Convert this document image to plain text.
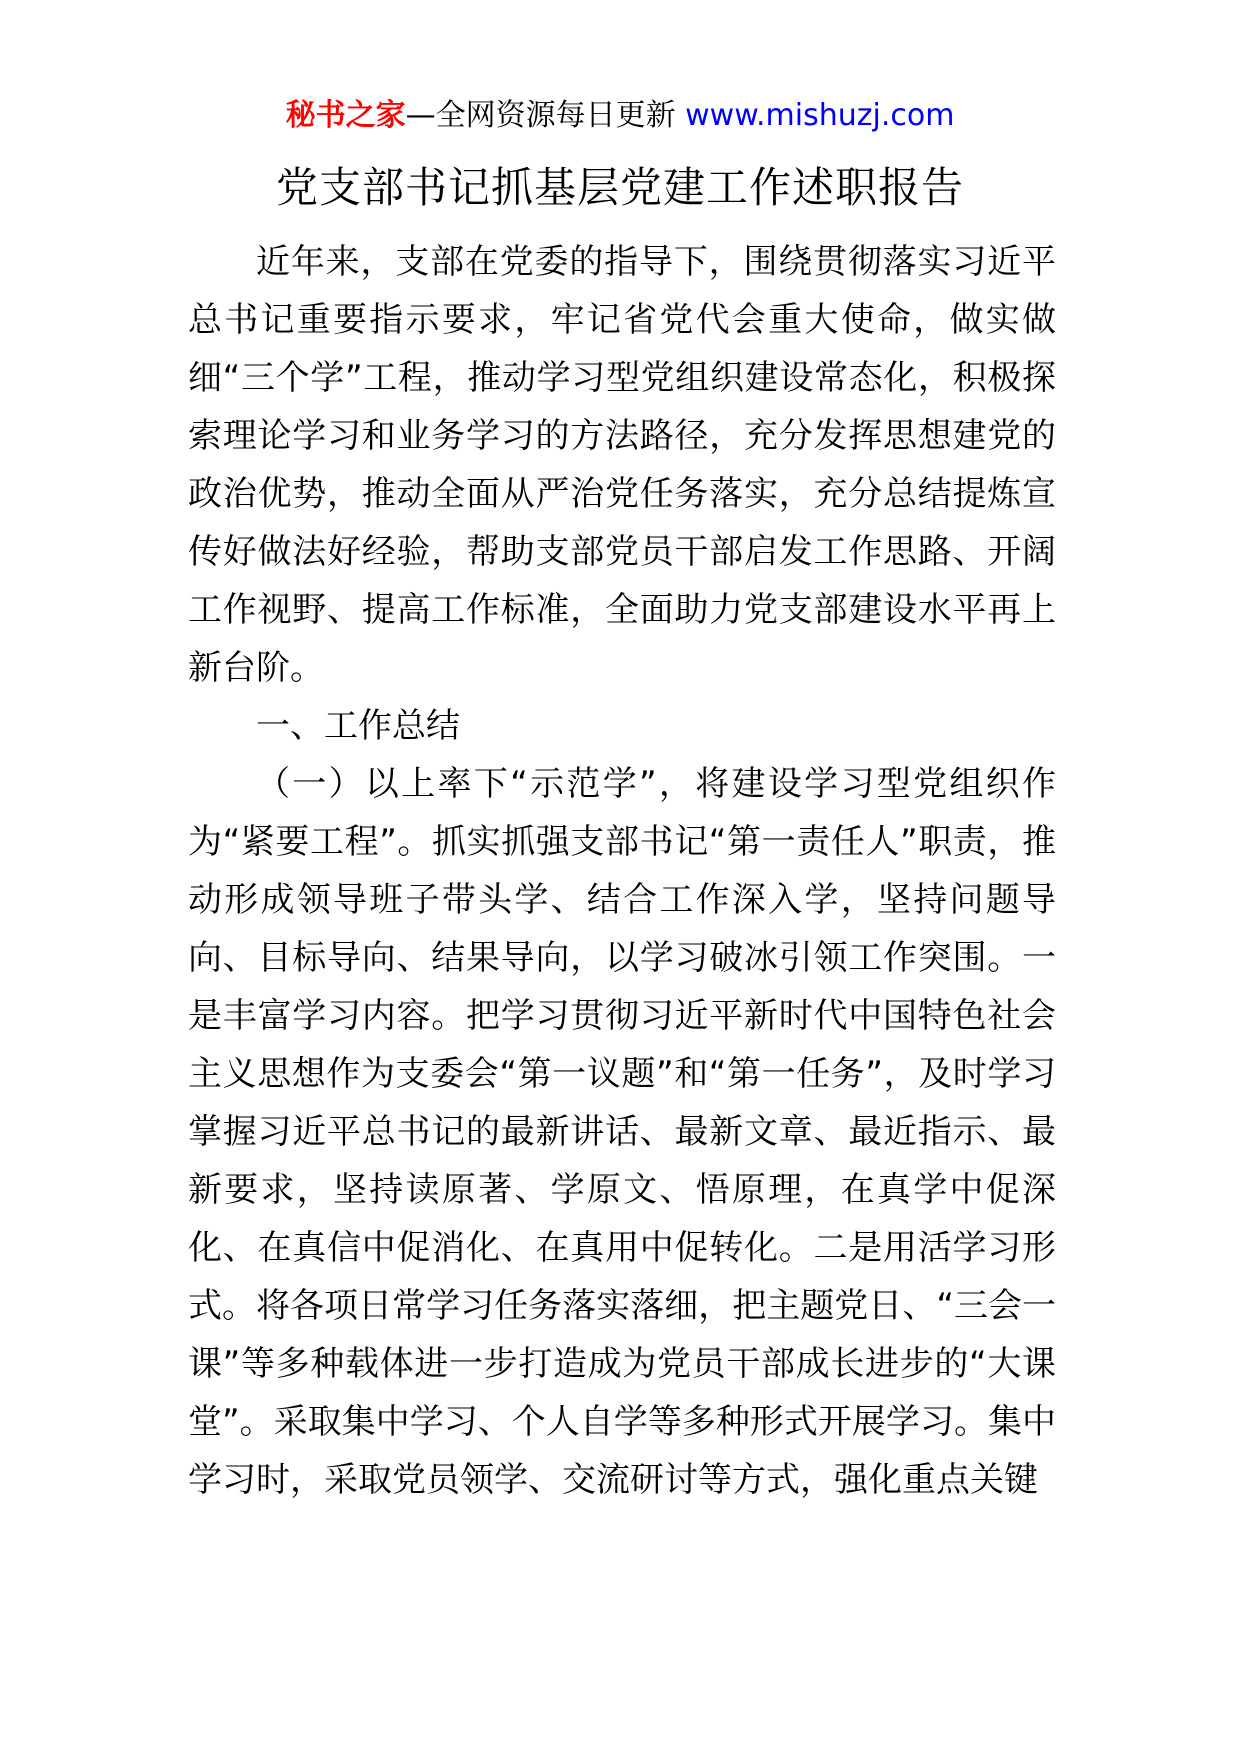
秘书之家—全网资源每日更新 www.mishuzj.com
党支部书记抓基层党建工作述职报告

近年来，支部在党委的指导下，围绕贯彻落实习近平总书记重要指示要求，牢记省党代会重大使命，做实做细“三个学”工程，推动学习型党组织建设常态化，积极探索理论学习和业务学习的方法路径，充分发挥思想建党的政治优势，推动全面从严治党任务落实，充分总结提炼宣传好做法好经验，帮助支部党员干部启发工作思路、开阔工作视野、提高工作标准，全面助力党支部建设水平再上新台阶。

一、工作总结

（一）以上率下“示范学”，将建设学习型党组织作为“紧要工程”。抓实抓强支部书记“第一责任人”职责，推动形成领导班子带头学、结合工作深入学，坚持问题导向、目标导向、结果导向，以学习破冰引领工作突围。一是丰富学习内容。把学习贯彻习近平新时代中国特色社会主义思想作为支委会“第一议题”和“第一任务”，及时学习掌握习近平总书记的最新讲话、最新文章、最近指示、最新要求，坚持读原著、学原文、悟原理，在真学中促深化、在真信中促消化、在真用中促转化。二是用活学习形式。将各项日常学习任务落实落细，把主题党日、“三会一课”等多种载体进一步打造成为党员干部成长进步的“大课堂”。采取集中学习、个人自学等多种形式开展学习。集中学习时，采取党员领学、交流研讨等方式，强化重点关键
